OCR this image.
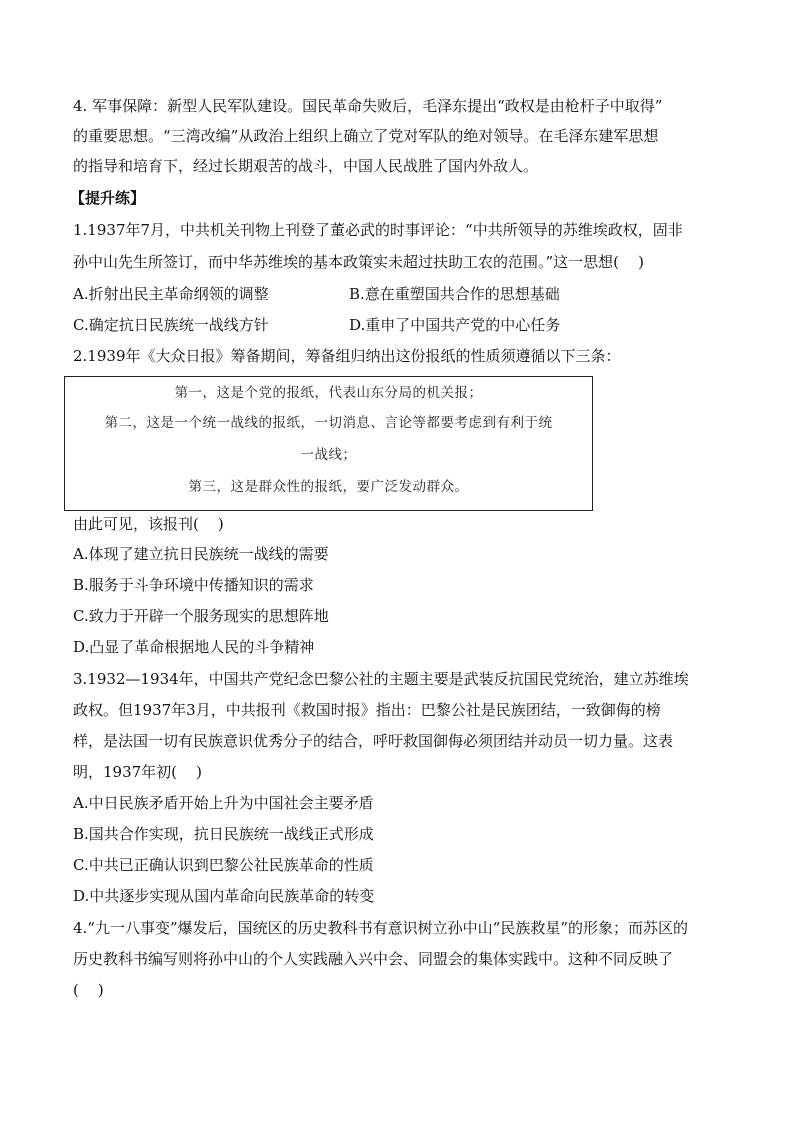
4. 军事保障：新型人民军队建设。国民革命失败后，毛泽东提出“政权是由枪杆子中取得”
的重要思想。“三湾改编”从政治上组织上确立了党对军队的绝对领导。在毛泽东建军思想
的指导和培育下，经过长期艰苦的战斗，中国人民战胜了国内外敌人。
【提升练】
1.1937年7月，中共机关刊物上刊登了董必武的时事评论：“中共所领导的苏维埃政权，固非
孙中山先生所签订，而中华苏维埃的基本政策实未超过扶助工农的范围。”这一思想(    )
A.折射出民主革命纲领的调整	B.意在重塑国共合作的思想基础
C.确定抗日民族统一战线方针	D.重申了中国共产党的中心任务
2.1939年《大众日报》筹备期间，筹备组归纳出这份报纸的性质须遵循以下三条：
第一，这是个党的报纸，代表山东分局的机关报；
第二，这是一个统一战线的报纸，一切消息、言论等都要考虑到有利于统
一战线；
第三，这是群众性的报纸，要广泛发动群众。
由此可见，该报刊(    )
A.体现了建立抗日民族统一战线的需要
B.服务于斗争环境中传播知识的需求
C.致力于开辟一个服务现实的思想阵地
D.凸显了革命根据地人民的斗争精神
3.1932—1934年，中国共产党纪念巴黎公社的主题主要是武装反抗国民党统治，建立苏维埃
政权。但1937年3月，中共报刊《救国时报》指出：巴黎公社是民族团结，一致御侮的榜
样，是法国一切有民族意识优秀分子的结合，呼吁救国御侮必须团结并动员一切力量。这表
明，1937年初(    )
A.中日民族矛盾开始上升为中国社会主要矛盾
B.国共合作实现，抗日民族统一战线正式形成
C.中共已正确认识到巴黎公社民族革命的性质
D.中共逐步实现从国内革命向民族革命的转变
4.“九一八事变”爆发后，国统区的历史教科书有意识树立孙中山“民族救星”的形象；而苏区的
历史教科书编写则将孙中山的个人实践融入兴中会、同盟会的集体实践中。这种不同反映了
(    )
